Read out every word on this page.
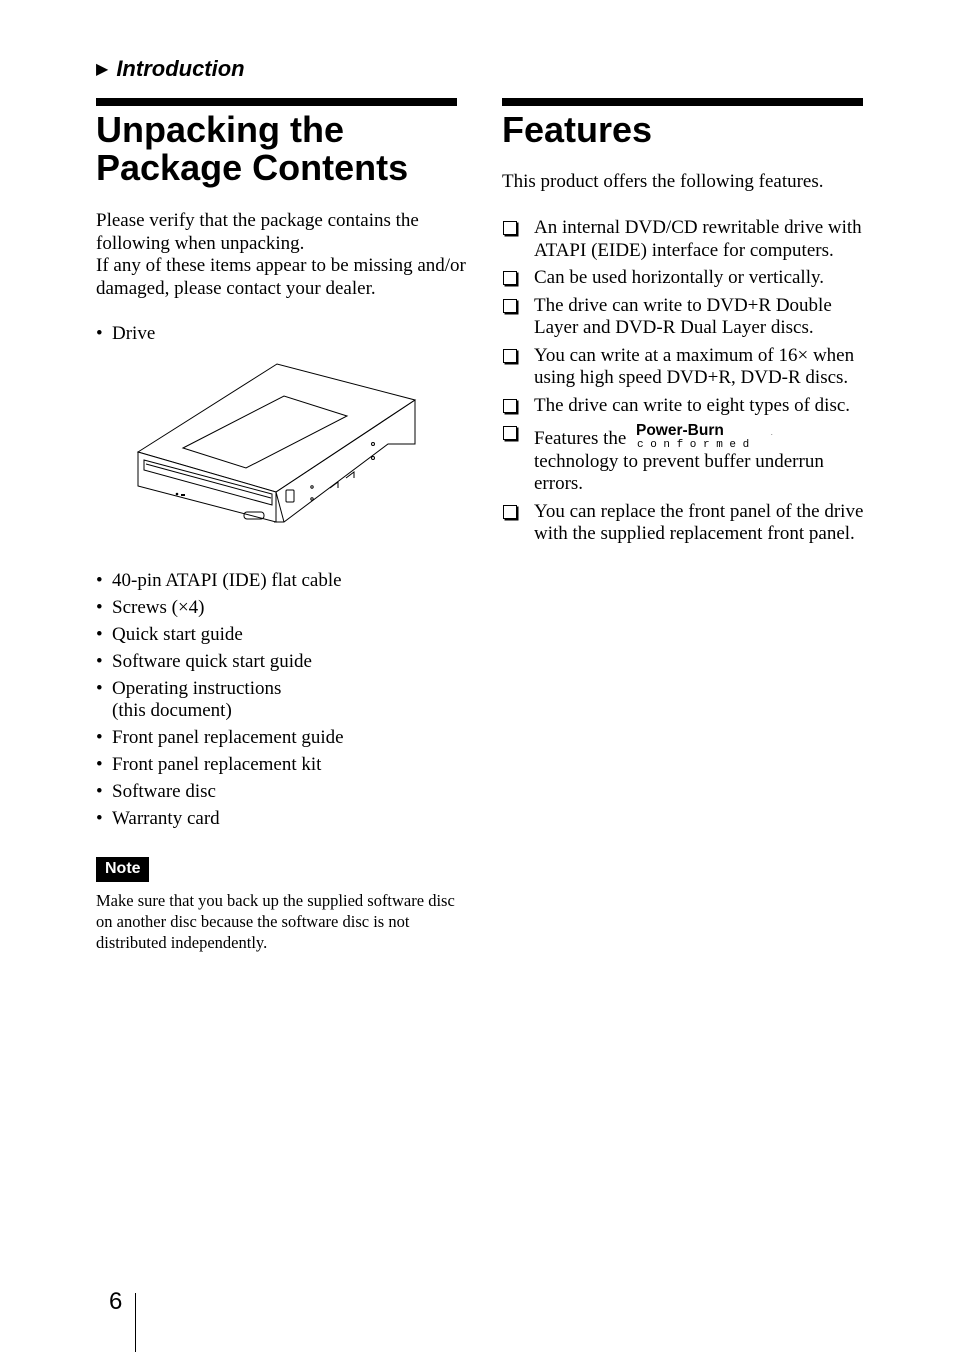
▶ Introduction
Unpacking the Package Contents
Features

Please verify that the package contains the following when unpacking.

If any of these items appear to be missing and/or damaged, please contact your dealer.

• Drive
• 40-pin ATAPI (IDE) flat cable
• Screws (×4)
• Quick start guide
• Software quick start guide
• Operating instructions (this document)
• Front panel replacement guide
• Front panel replacement kit
• Software disc
• Warranty card
Note
Make sure that you back up the supplied software disc on another disc because the software disc is not distributed independently.

This product offers the following features.

An internal DVD/CD rewritable drive with ATAPI (EIDE) interface for computers.
Can be used horizontally or vertically.
The drive can write to DVD+R Double Layer and DVD-R Dual Layer discs.
You can write at a maximum of 16× when using high speed DVD+R, DVD-R discs.
The drive can write to eight types of disc.
Features the Power-Burn	.
c o n f o r m e d

technology to prevent buffer underrun errors.
You can replace the front panel of the drive with the supplied replacement front panel.
6
